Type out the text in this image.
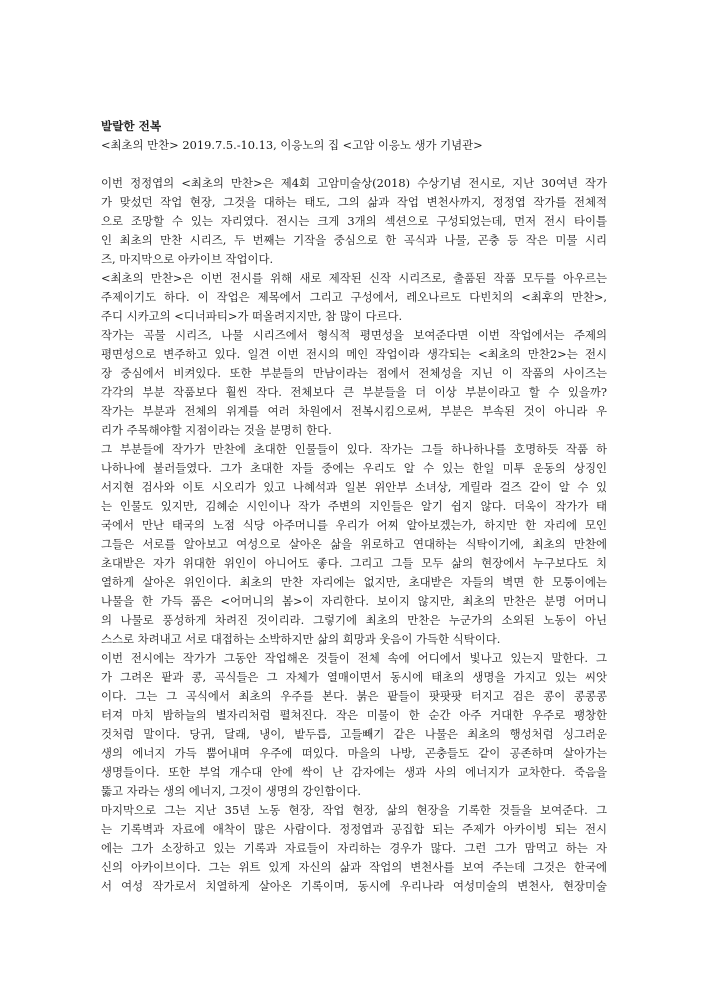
발랄한 전복

<최초의 만찬> 2019.7.5.-10.13, 이응노의 집 <고암 이응노 생가 기념관>

이번 정정엽의 <최초의 만찬>은 제4회 고암미술상(2018) 수상기념 전시로, 지난 30여년 작가
가 맞섰던 작업 현장, 그것을 대하는 태도, 그의 삶과 작업 변천사까지, 정정엽 작가를 전체적
으로 조망할 수 있는 자리였다. 전시는 크게 3개의 섹션으로 구성되었는데, 먼저 전시 타이틀
인 최초의 만찬 시리즈, 두 번째는 기작을 중심으로 한 곡식과 나물, 곤충 등 작은 미물 시리
즈, 마지막으로 아카이브 작업이다.
<최초의 만찬>은 이번 전시를 위해 새로 제작된 신작 시리즈로, 출품된 작품 모두를 아우르는
주제이기도 하다. 이 작업은 제목에서 그리고 구성에서, 레오나르도 다빈치의 <최후의 만찬>,
주디 시카고의 <디너파티>가 떠올려지지만, 참 많이 다르다.
작가는 곡물 시리즈, 나물 시리즈에서 형식적 평면성을 보여준다면 이번 작업에서는 주제의
평면성으로 변주하고 있다. 일견 이번 전시의 메인 작업이라 생각되는 <최초의 만찬2>는 전시
장 중심에서 비켜있다. 또한 부분들의 만남이라는 점에서 전체성을 지닌 이 작품의 사이즈는
각각의 부분 작품보다 훨씬 작다. 전체보다 큰 부분들을 더 이상 부분이라고 할 수 있을까?
작가는 부분과 전체의 위계를 여러 차원에서 전복시킴으로써, 부분은 부속된 것이 아니라 우
리가 주목해야할 지점이라는 것을 분명히 한다.
그 부분들에 작가가 만찬에 초대한 인물들이 있다. 작가는 그들 하나하나를 호명하듯 작품 하
나하나에 불러들였다. 그가 초대한 자들 중에는 우리도 알 수 있는 한일 미투 운동의 상징인
서지현 검사와 이토 시오리가 있고 나혜석과 일본 위안부 소녀상, 게릴라 걸즈 같이 알 수 있
는 인물도 있지만, 김혜순 시인이나 작가 주변의 지인들은 알기 쉽지 않다. 더욱이 작가가 태
국에서 만난 태국의 노점 식당 아주머니를 우리가 어찌 알아보겠는가, 하지만 한 자리에 모인
그들은 서로를 알아보고 여성으로 살아온 삶을 위로하고 연대하는 식탁이기에, 최초의 만찬에
초대받은 자가 위대한 위인이 아니어도 좋다. 그리고 그들 모두 삶의 현장에서 누구보다도 치
열하게 살아온 위인이다. 최초의 만찬 자리에는 없지만, 초대받은 자들의 벽면 한 모퉁이에는
나물을 한 가득 품은 <어머니의 봄>이 자리한다. 보이지 않지만, 최초의 만찬은 분명 어머니
의 나물로 풍성하게 차려진 것이리라. 그렇기에 최초의 만찬은 누군가의 소외된 노동이 아닌
스스로 차려내고 서로 대접하는 소박하지만 삶의 희망과 웃음이 가득한 식탁이다.
이번 전시에는 작가가 그동안 작업해온 것들이 전체 속에 어디에서 빛나고 있는지 말한다. 그
가 그려온 팥과 콩, 곡식들은 그 자체가 열매이면서 동시에 태초의 생명을 가지고 있는 씨앗
이다. 그는 그 곡식에서 최초의 우주를 본다. 붉은 팥들이 팟팟팟 터지고 검은 콩이 콩콩콩
터져 마치 밤하늘의 별자리처럼 펼쳐진다. 작은 미물이 한 순간 아주 거대한 우주로 팽창한
것처럼 말이다. 당귀, 달래, 냉이, 밭두릅, 고들빼기 같은 나물은 최초의 행성처럼 싱그러운
생의 에너지 가득 뿜어내며 우주에 떠있다. 마을의 나방, 곤충들도 같이 공존하며 살아가는
생명들이다. 또한 부엌 개수대 안에 싹이 난 감자에는 생과 사의 에너지가 교차한다. 죽음을
뚫고 자라는 생의 에너지, 그것이 생명의 강인함이다.
마지막으로 그는 지난 35년 노동 현장, 작업 현장, 삶의 현장을 기록한 것들을 보여준다. 그
는 기록벽과 자료에 애착이 많은 사람이다. 정정엽과 공집합 되는 주제가 아카이빙 되는 전시
에는 그가 소장하고 있는 기록과 자료들이 자리하는 경우가 많다. 그런 그가 맘먹고 하는 자
신의 아카이브이다. 그는 위트 있게 자신의 삶과 작업의 변천사를 보여 주는데 그것은 한국에
서 여성 작가로서 치열하게 살아온 기록이며, 동시에 우리나라 여성미술의 변천사, 현장미술
